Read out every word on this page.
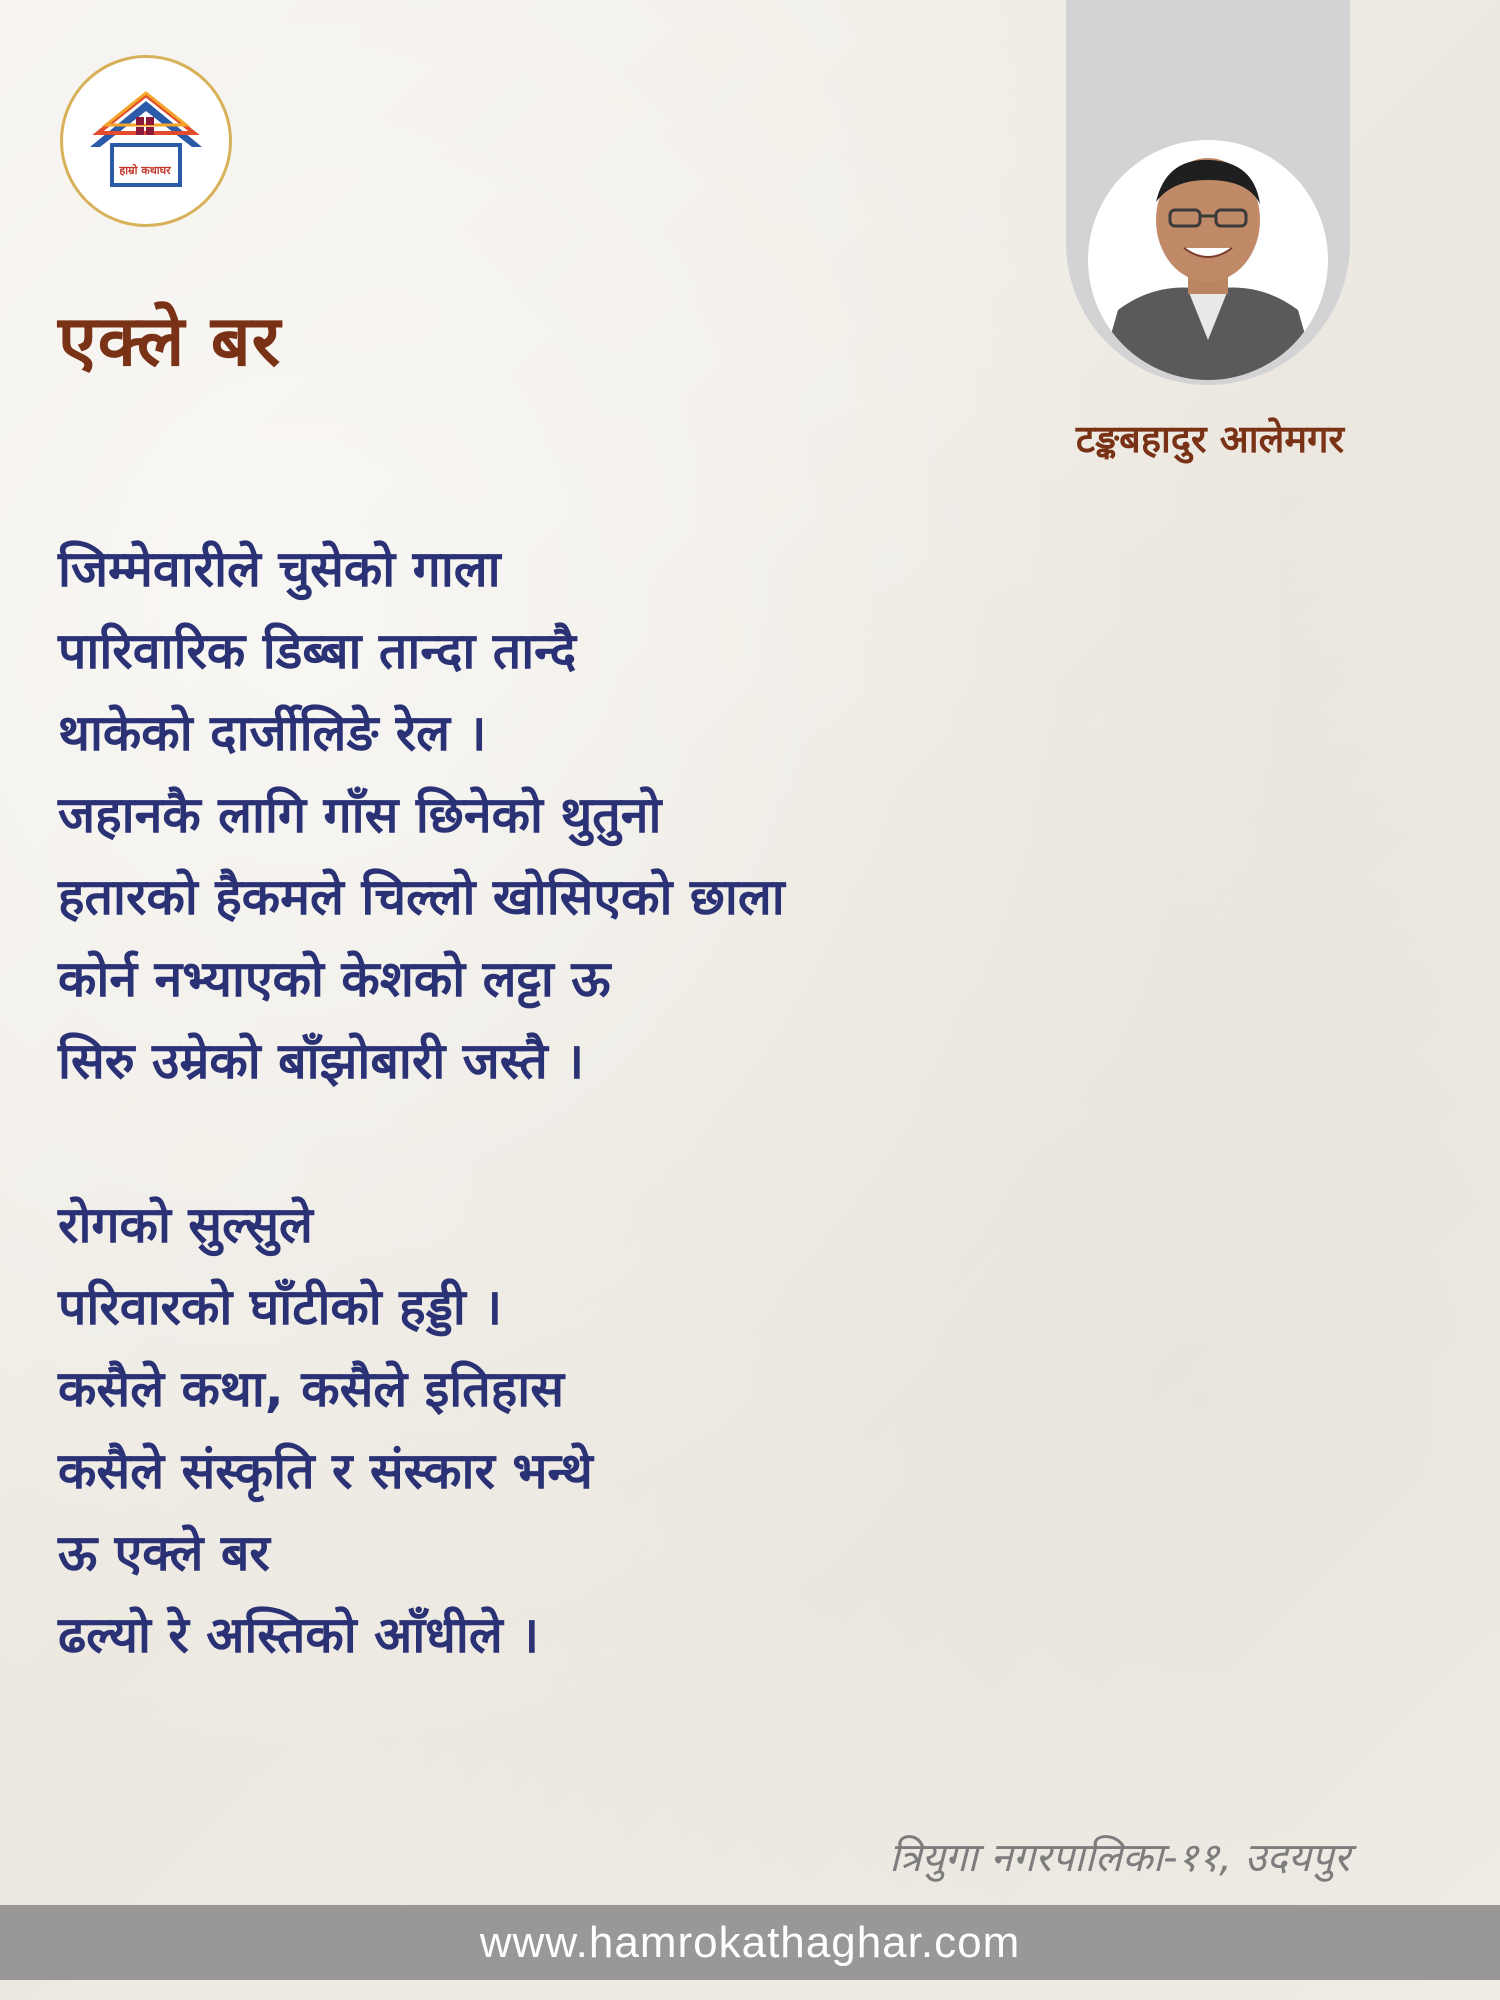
हाम्रो कथाघर
एक्ले बर
टङ्कबहादुर आलेमगर
जिम्मेवारीले चुसेको गाला
पारिवारिक डिब्बा तान्दा तान्दै
थाकेको दार्जीलिङे रेल ।
जहानकै लागि गाँस छिनेको थुतुनो
हतारको हैकमले चिल्लो खोसिएको छाला
कोर्न नभ्याएको केशको लट्टा ऊ
सिरु उम्रेको बाँझोबारी जस्तै ।
रोगको सुल्सुले
परिवारको घाँटीको हड्डी ।
कसैले कथा, कसैले इतिहास
कसैले संस्कृति र संस्कार भन्थे
ऊ एक्ले बर
ढल्यो रे अस्तिको आँधीले ।
त्रियुगा नगरपालिका-११, उदयपुर
www.hamrokathaghar.com
